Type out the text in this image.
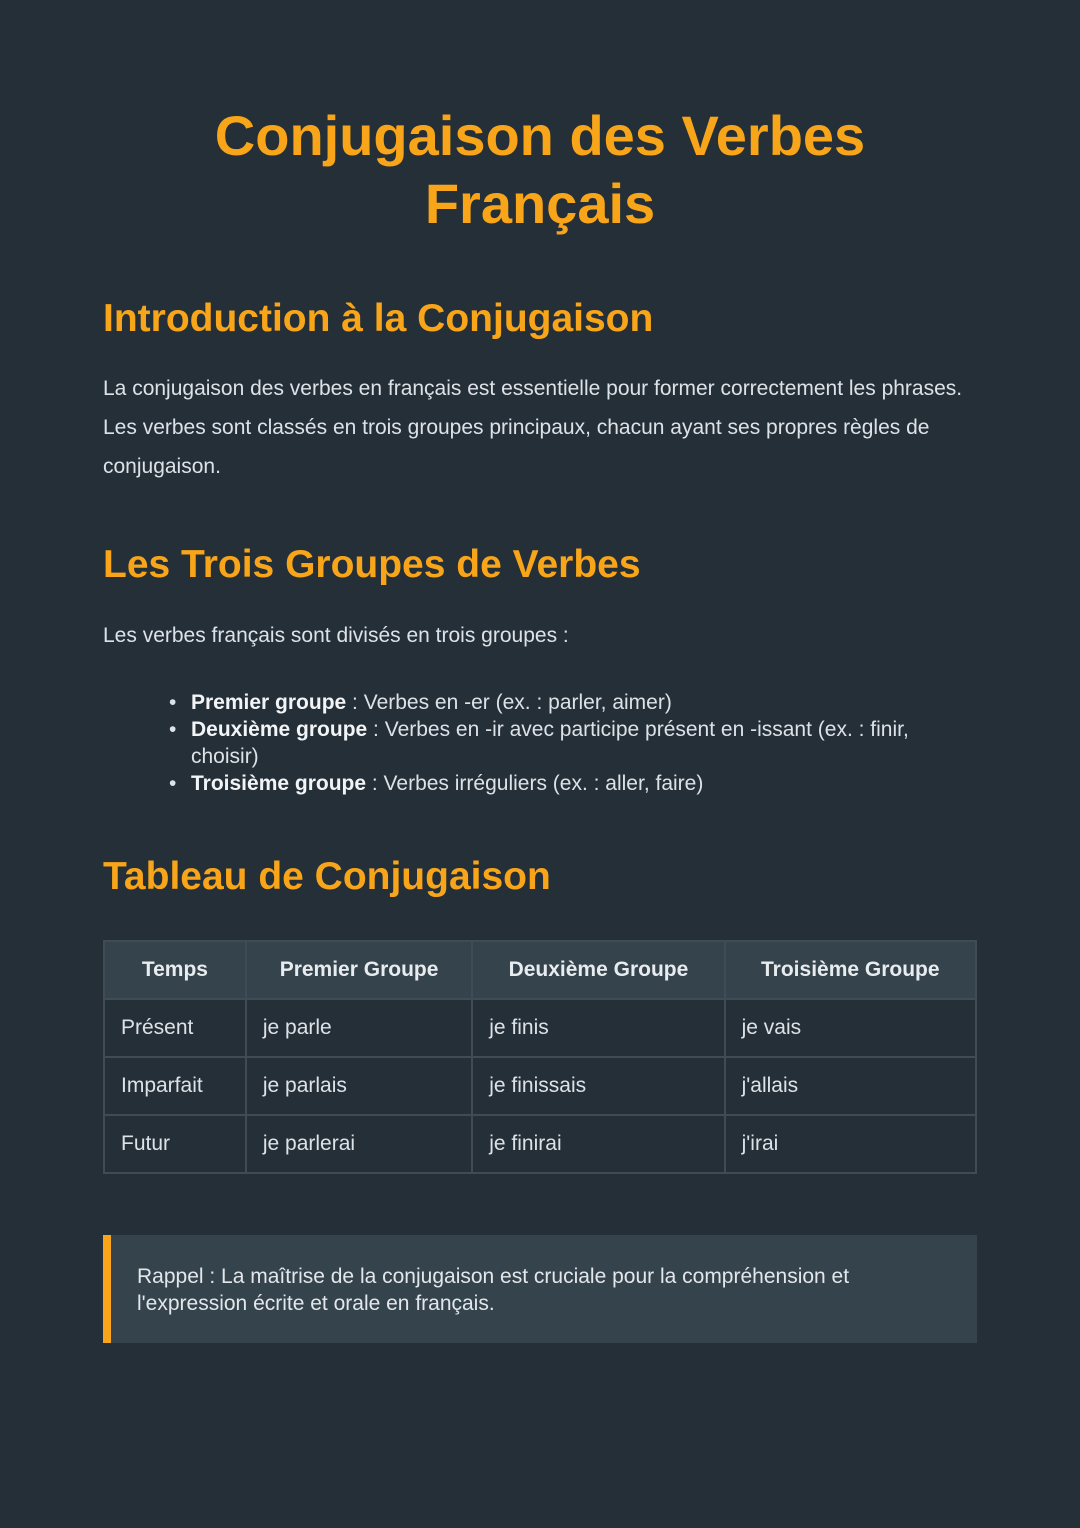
Conjugaison des Verbes Français
Introduction à la Conjugaison

La conjugaison des verbes en français est essentielle pour former correctement les phrases. Les verbes sont classés en trois groupes principaux, chacun ayant ses propres règles de conjugaison.

Les Trois Groupes de Verbes

Les verbes français sont divisés en trois groupes :

• Premier groupe : Verbes en -er (ex. : parler, aimer)
• Deuxième groupe : Verbes en -ir avec participe présent en -issant (ex. : finir, choisir)
• Troisième groupe : Verbes irréguliers (ex. : aller, faire)
Tableau de Conjugaison
Temps	Premier Groupe	Deuxième Groupe	Troisième Groupe
Présent	je parle	je finis	je vais
Imparfait	je parlais	je finissais	j'allais
Futur	je parlerai	je finirai	j'irai
Rappel : La maîtrise de la conjugaison est cruciale pour la compréhension et l'expression écrite et orale en français.
